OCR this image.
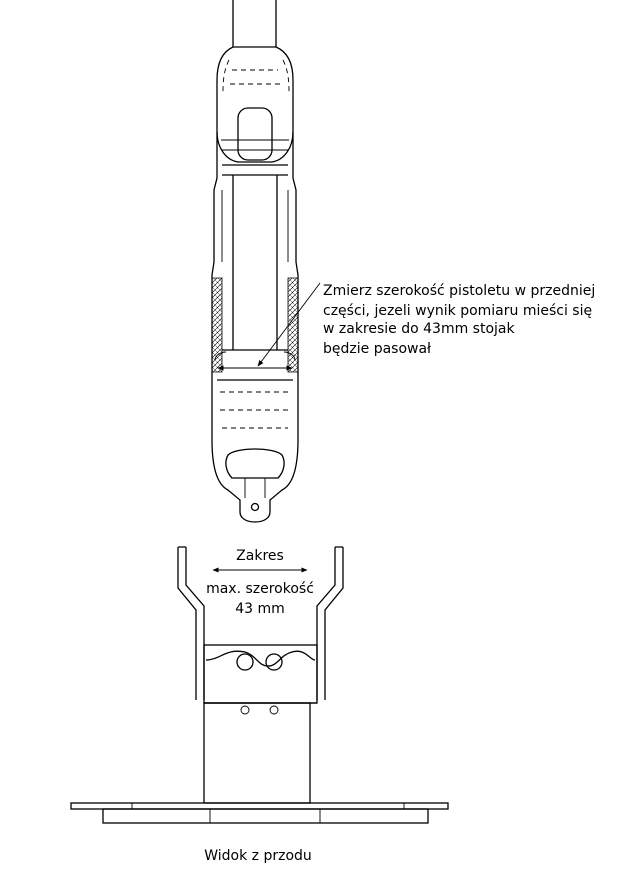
Zmierz szerokość pistoletu w przedniej części, jezeli wynik pomiaru mieści się w zakresie do 43mm stojak będzie pasował
Zakres
max. szerokość
43 mm
Widok z przodu
